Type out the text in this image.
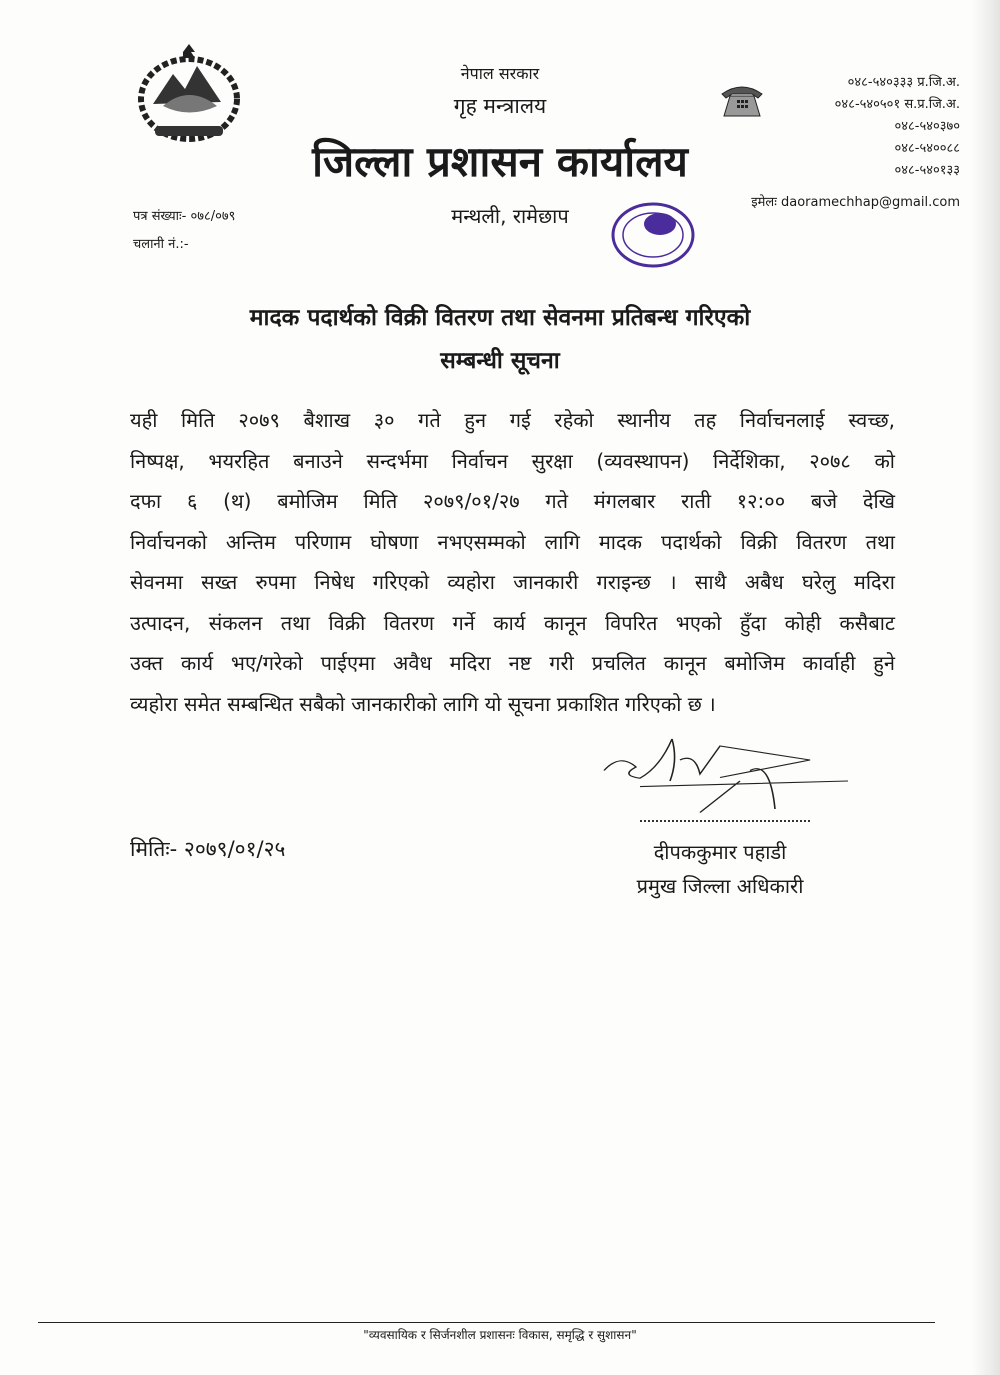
नेपाल सरकार
गृह मन्त्रालय
जिल्ला प्रशासन कार्यालय
मन्थली, रामेछाप
०४८-५४०३३३ प्र.जि.अ.
०४८-५४०५०१ स.प्र.जि.अ.
०४८-५४०३७०
०४८-५४००८८
०४८-५४०१३३
इमेलः daoramechhap@gmail.com
पत्र संख्याः- ०७८/०७९
चलानी नं.:-
मादक पदार्थको विक्री वितरण तथा सेवनमा प्रतिबन्ध गरिएको
सम्बन्धी सूचना
यही मिति २०७९ बैशाख ३० गते हुन गई रहेको स्थानीय तह निर्वाचनलाई स्वच्छ,
निष्पक्ष, भयरहित बनाउने सन्दर्भमा निर्वाचन सुरक्षा (व्यवस्थापन) निर्देशिका, २०७८ को
दफा ६ (थ) बमोजिम मिति २०७९/०१/२७ गते मंगलबार राती १२:०० बजे देखि
निर्वाचनको अन्तिम परिणाम घोषणा नभएसम्मको लागि मादक पदार्थको विक्री वितरण तथा
सेवनमा सख्त रुपमा निषेध गरिएको व्यहोरा जानकारी गराइन्छ । साथै अबैध घरेलु मदिरा
उत्पादन, संकलन तथा विक्री वितरण गर्ने कार्य कानून विपरित भएको हुँदा कोही कसैबाट
उक्त कार्य भए/गरेको पाईएमा अवैध मदिरा नष्ट गरी प्रचलित कानून बमोजिम कार्वाही हुने
व्यहोरा समेत सम्बन्धित सबैको जानकारीको लागि यो सूचना प्रकाशित गरिएको छ ।
मितिः- २०७९/०१/२५	दीपककुमार पहाडी
प्रमुख जिल्ला अधिकारी
"व्यवसायिक र सिर्जनशील प्रशासनः विकास, समृद्धि र सुशासन"
